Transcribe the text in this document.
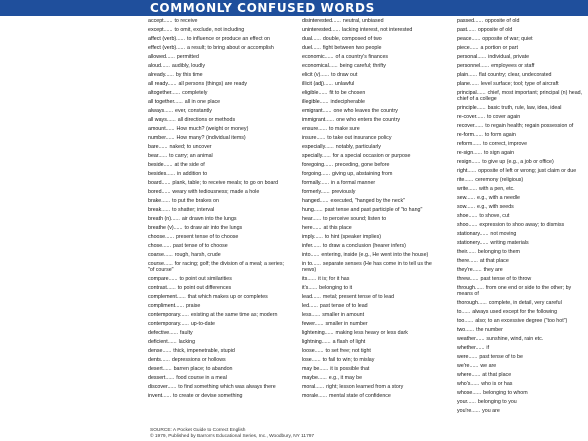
COMMONLY CONFUSED WORDS
accept...... to receive
except...... to omit, exclude, not including
affect (verb)...... to influence or produce an effect on
effect (verb)...... a result; to bring about or accomplish
allowed...... permitted
aloud...... audibly, loudly
already...... by this time
all ready...... all persons (things) are ready
altogether...... completely
all together...... all in one place
always...... ever, constantly
all ways...... all directions or methods
amount...... How much? (weight or money)
number...... How many? (individual items)
bare...... naked; to uncover
bear...... to carry; an animal
beside...... at the side of
besides...... in addition to
board...... plank, table; to receive meals; to go on board
bored...... weary with tediousness; made a hole
brake...... to put the brakes on
break...... to shatter; interval
breath (n)...... air drawn into the lungs
breathe (v)...... to draw air into the lungs
choose...... present tense of to choose
chose...... past tense of to choose
coarse...... rough, harsh, crude
course...... for racing; golf; the division of a meal; a series; "of course"
compare...... to point out similarities
contrast...... to point out differences
complement...... that which makes up or completes
compliment...... praise
contemporary...... existing at the same time as; modern
contemporary...... up-to-date
defective...... faulty
deficient...... lacking
dense...... thick, impenetrable, stupid
dents...... depressions or hollows
desert...... barren place; to abandon
dessert...... food course in a meal
discover...... to find something which was always there
invent...... to create or devise something
disinterested...... neutral, unbiased
uninterested...... lacking interest, not interested
dual...... double, composed of two
duel...... fight between two people
economic...... of a country's finances
economical...... being careful; thrifty
elicit (v)...... to draw out
illicit (adj)...... unlawful
eligible...... fit to be chosen
illegible...... indecipherable
emigrant...... one who leaves the country
immigrant...... one who enters the country
ensure...... to make sure
insure...... to take out insurance policy
especially...... notably, particularly
specially...... for a special occasion or purpose
foregoing...... preceding, gone before
forgoing...... giving up, abstaining from
formally...... in a formal manner
formerly...... previously
hanged...... executed, "hanged by the neck"
hung...... past tense and past participle of "to hang"
hear...... to perceive sound; listen to
here...... at this place
imply...... to hint (speaker implies)
infer...... to draw a conclusion (hearer infers)
into...... entering, inside (e.g., He went into the house)
in to...... separate senses (He has come in to tell us the news)
its...... it is; for it has
it's...... belonging to it
lead...... metal; present tense of to lead
led...... past tense of to lead
less...... smaller in amount
fewer...... smaller in number
lightening...... making less heavy or less dark
lightning...... a flash of light
loose...... to set free; not tight
lose...... to fail to win; to mislay
may be...... it is possible that
maybe...... e.g., it may be
moral...... right; lesson learned from a story
morale...... mental state of confidence
passed...... opposite of old
past...... opposite of old
peace...... opposite of war; quiet
piece...... a portion or part
personal...... individual, private
personnel...... employees or staff
plain...... flat country; clear, undecorated
plane...... level surface; tool; type of aircraft
principal...... chief, most important; principal (n) head, chief of a college
principle...... basic truth, rule, law, idea, ideal
re-cover...... to cover again
recover...... to regain health; regain possession of
re-form...... to form again
reform...... to correct, improve
re-sign...... to sign again
resign...... to give up (e.g., a job or office)
right...... opposite of left or wrong; just claim or due
rite...... ceremony (religious)
write...... with a pen, etc.
sew...... e.g., with a needle
sow...... e.g., with seeds
shoe...... to shove, cut
shoo...... expression to shoo away; to dismiss
stationary...... not moving
stationery...... writing materials
their...... belonging to them
there...... at that place
they're...... they are
threw...... past tense of to throw
through...... from one end or side to the other; by means of
thorough...... complete, in detail, very careful
to...... always used except for the following
too...... also; to an excessive degree ("too hot")
two...... the number
weather...... sunshine, wind, rain etc.
whether...... if
were...... past tense of to be
we're...... we are
where...... at that place
who's...... who is or has
whose...... belonging to whom
your...... belonging to you
you're...... you are
SOURCE: A Pocket Guide to Correct English
© 1979, Published by Barron's Educational Series, Inc., Woodbury, NY 11797
